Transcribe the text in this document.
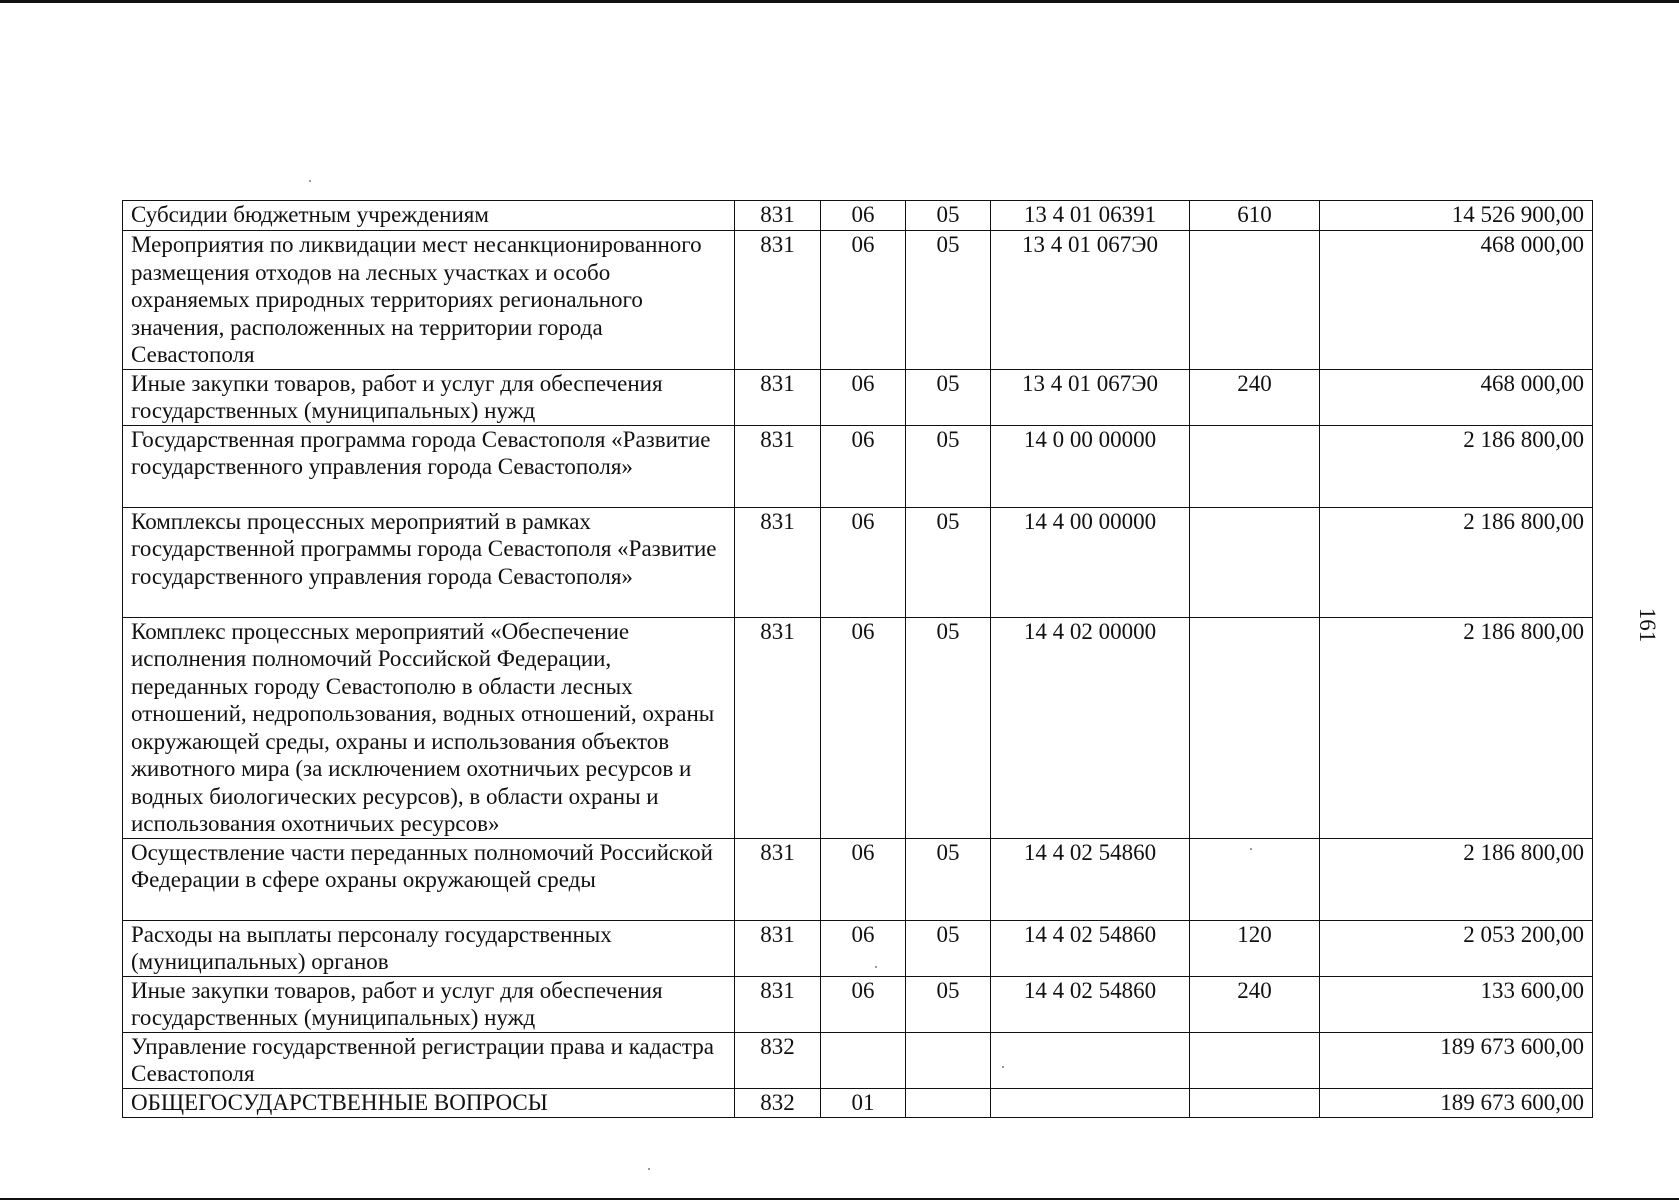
Субсидии бюджетным учреждениям	831	06	05	13 4 01 06391	610	14 526 900,00
Мероприятия по ликвидации мест несанкционированного размещения отходов на лесных участках и особо охраняемых природных территориях регионального значения, расположенных на территории города Севастополя	831	06	05	13 4 01 067Э0		468 000,00
Иные закупки товаров, работ и услуг для обеспечения государственных (муниципальных) нужд	831	06	05	13 4 01 067Э0	240	468 000,00
Государственная программа города Севастополя «Развитие государственного управления города Севастополя»	831	06	05	14 0 00 00000		2 186 800,00
Комплексы процессных мероприятий в рамках государственной программы города Севастополя «Развитие государственного управления города Севастополя»	831	06	05	14 4 00 00000		2 186 800,00
Комплекс процессных мероприятий «Обеспечение исполнения полномочий Российской Федерации, переданных городу Севастополю в области лесных отношений, недропользования, водных отношений, охраны окружающей среды, охраны и использования объектов животного мира (за исключением охотничьих ресурсов и водных биологических ресурсов), в области охраны и использования охотничьих ресурсов»	831	06	05	14 4 02 00000		2 186 800,00
Осуществление части переданных полномочий Российской Федерации в сфере охраны окружающей среды	831	06	05	14 4 02 54860		2 186 800,00
Расходы на выплаты персоналу государственных (муниципальных) органов	831	06	05	14 4 02 54860	120	2 053 200,00
Иные закупки товаров, работ и услуг для обеспечения государственных (муниципальных) нужд	831	06	05	14 4 02 54860	240	133 600,00
Управление государственной регистрации права и кадастра Севастополя	832					189 673 600,00
ОБЩЕГОСУДАРСТВЕННЫЕ ВОПРОСЫ	832	01				189 673 600,00
161
